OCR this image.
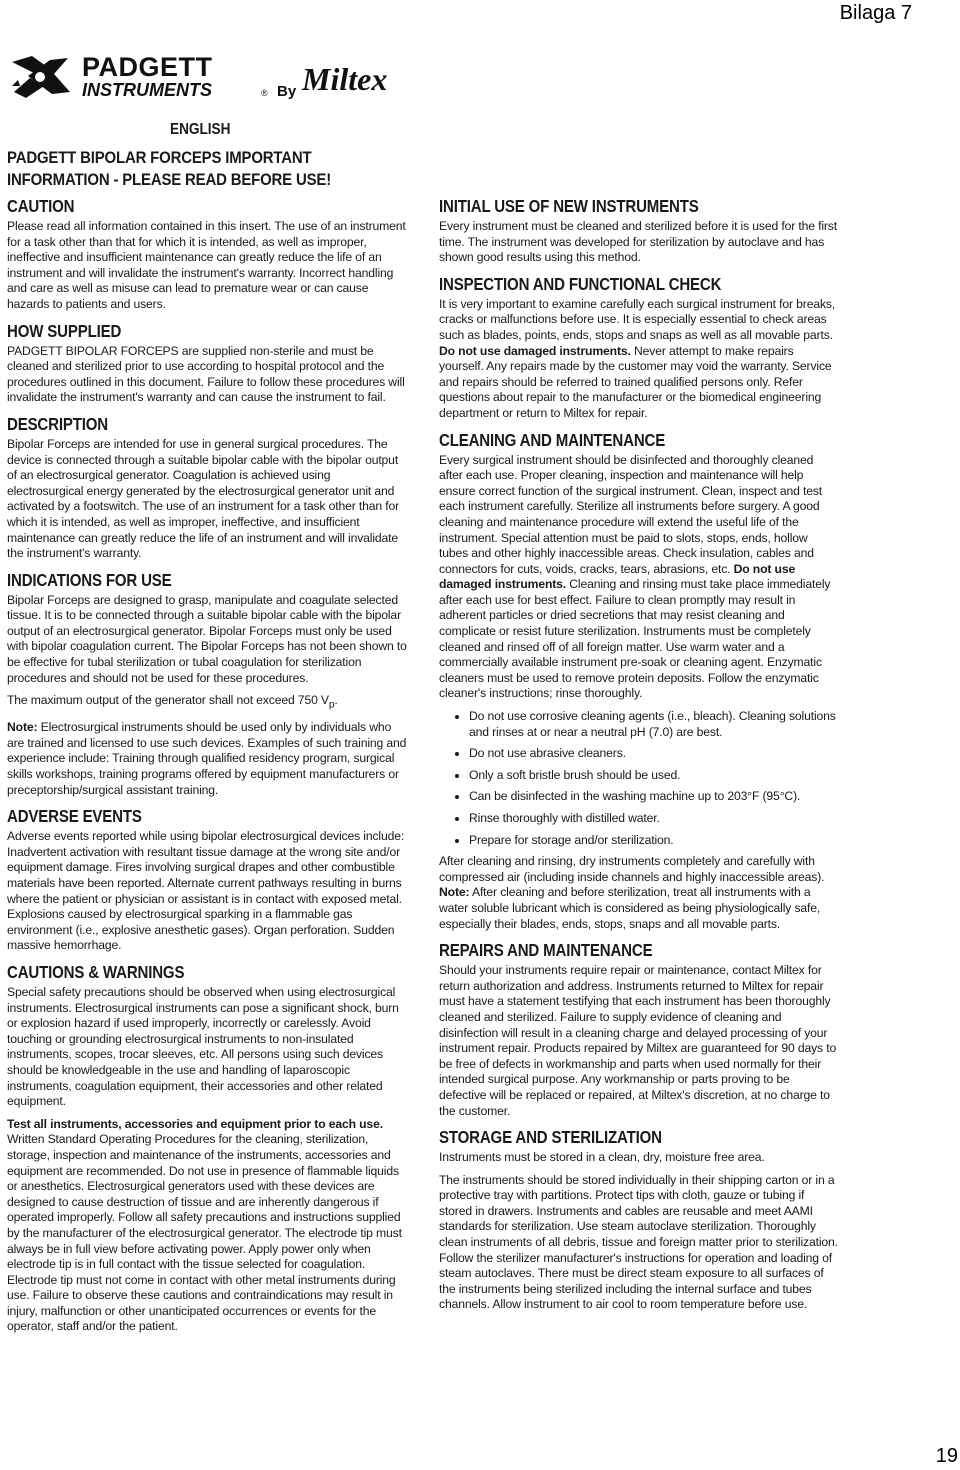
Bilaga 7
PADGETT
INSTRUMENTS	® By Miltex
ENGLISH
PADGETT BIPOLAR FORCEPS IMPORTANT INFORMATION - PLEASE READ BEFORE USE!
CAUTION

Please read all information contained in this insert. The use of an instrument for a task other than that for which it is intended, as well as improper, ineffective and insufficient maintenance can greatly reduce the life of an instrument and will invalidate the instrument's warranty. Incorrect handling and care as well as misuse can lead to premature wear or can cause hazards to patients and users.

HOW SUPPLIED

PADGETT BIPOLAR FORCEPS are supplied non-sterile and must be cleaned and sterilized prior to use according to hospital protocol and the procedures outlined in this document. Failure to follow these procedures will invalidate the instrument's warranty and can cause the instrument to fail.

DESCRIPTION

Bipolar Forceps are intended for use in general surgical procedures. The device is connected through a suitable bipolar cable with the bipolar output of an electrosurgical generator. Coagulation is achieved using electrosurgical energy generated by the electrosurgical generator unit and activated by a footswitch. The use of an instrument for a task other than for which it is intended, as well as improper, ineffective, and insufficient maintenance can greatly reduce the life of an instrument and will invalidate the instrument's warranty.

INDICATIONS FOR USE

Bipolar Forceps are designed to grasp, manipulate and coagulate selected tissue. It is to be connected through a suitable bipolar cable with the bipolar output of an electrosurgical generator. Bipolar Forceps must only be used with bipolar coagulation current. The Bipolar Forceps has not been shown to be effective for tubal sterilization or tubal coagulation for sterilization procedures and should not be used for these procedures.

The maximum output of the generator shall not exceed 750 $V_p$.

Note: Electrosurgical instruments should be used only by individuals who are trained and licensed to use such devices. Examples of such training and experience include: Training through qualified residency program, surgical skills workshops, training programs offered by equipment manufacturers or preceptorship/surgical assistant training.

ADVERSE EVENTS

Adverse events reported while using bipolar electrosurgical devices include: Inadvertent activation with resultant tissue damage at the wrong site and/or equipment damage. Fires involving surgical drapes and other combustible materials have been reported. Alternate current pathways resulting in burns where the patient or physician or assistant is in contact with exposed metal. Explosions caused by electrosurgical sparking in a flammable gas environment (i.e., explosive anesthetic gases). Organ perforation. Sudden massive hemorrhage.

CAUTIONS & WARNINGS

Special safety precautions should be observed when using electrosurgical instruments. Electrosurgical instruments can pose a significant shock, burn or explosion hazard if used improperly, incorrectly or carelessly. Avoid touching or grounding electrosurgical instruments to non-insulated instruments, scopes, trocar sleeves, etc. All persons using such devices should be knowledgeable in the use and handling of laparoscopic instruments, coagulation equipment, their accessories and other related equipment.

Test all instruments, accessories and equipment prior to each use. Written Standard Operating Procedures for the cleaning, sterilization, storage, inspection and maintenance of the instruments, accessories and equipment are recommended. Do not use in presence of flammable liquids or anesthetics. Electrosurgical generators used with these devices are designed to cause destruction of tissue and are inherently dangerous if operated improperly. Follow all safety precautions and instructions supplied by the manufacturer of the electrosurgical generator. The electrode tip must always be in full view before activating power. Apply power only when electrode tip is in full contact with the tissue selected for coagulation. Electrode tip must not come in contact with other metal instruments during use. Failure to observe these cautions and contraindications may result in injury, malfunction or other unanticipated occurrences or events for the operator, staff and/or the patient.

INITIAL USE OF NEW INSTRUMENTS

Every instrument must be cleaned and sterilized before it is used for the first time. The instrument was developed for sterilization by autoclave and has shown good results using this method.

INSPECTION AND FUNCTIONAL CHECK

It is very important to examine carefully each surgical instrument for breaks, cracks or malfunctions before use. It is especially essential to check areas such as blades, points, ends, stops and snaps as well as all movable parts. Do not use damaged instruments. Never attempt to make repairs yourself. Any repairs made by the customer may void the warranty. Service and repairs should be referred to trained qualified persons only. Refer questions about repair to the manufacturer or the biomedical engineering department or return to Miltex for repair.

CLEANING AND MAINTENANCE

Every surgical instrument should be disinfected and thoroughly cleaned after each use. Proper cleaning, inspection and maintenance will help ensure correct function of the surgical instrument. Clean, inspect and test each instrument carefully. Sterilize all instruments before surgery. A good cleaning and maintenance procedure will extend the useful life of the instrument. Special attention must be paid to slots, stops, ends, hollow tubes and other highly inaccessible areas. Check insulation, cables and connectors for cuts, voids, cracks, tears, abrasions, etc. Do not use damaged instruments. Cleaning and rinsing must take place immediately after each use for best effect. Failure to clean promptly may result in adherent particles or dried secretions that may resist cleaning and complicate or resist future sterilization. Instruments must be completely cleaned and rinsed off of all foreign matter. Use warm water and a commercially available instrument pre-soak or cleaning agent. Enzymatic cleaners must be used to remove protein deposits. Follow the enzymatic cleaner's instructions; rinse thoroughly.

• Do not use corrosive cleaning agents (i.e., bleach). Cleaning solutions and rinses at or near a neutral pH (7.0) are best.
• Do not use abrasive cleaners.
• Only a soft bristle brush should be used.
• Can be disinfected in the washing machine up to 203°F (95°C).
• Rinse thoroughly with distilled water.
• Prepare for storage and/or sterilization.

After cleaning and rinsing, dry instruments completely and carefully with compressed air (including inside channels and highly inaccessible areas). Note: After cleaning and before sterilization, treat all instruments with a water soluble lubricant which is considered as being physiologically safe, especially their blades, ends, stops, snaps and all movable parts.

REPAIRS AND MAINTENANCE

Should your instruments require repair or maintenance, contact Miltex for return authorization and address. Instruments returned to Miltex for repair must have a statement testifying that each instrument has been thoroughly cleaned and sterilized. Failure to supply evidence of cleaning and disinfection will result in a cleaning charge and delayed processing of your instrument repair. Products repaired by Miltex are guaranteed for 90 days to be free of defects in workmanship and parts when used normally for their intended surgical purpose. Any workmanship or parts proving to be defective will be replaced or repaired, at Miltex's discretion, at no charge to the customer.

STORAGE AND STERILIZATION

Instruments must be stored in a clean, dry, moisture free area.

The instruments should be stored individually in their shipping carton or in a protective tray with partitions. Protect tips with cloth, gauze or tubing if stored in drawers. Instruments and cables are reusable and meet AAMI standards for sterilization. Use steam autoclave sterilization. Thoroughly clean instruments of all debris, tissue and foreign matter prior to sterilization. Follow the sterilizer manufacturer's instructions for operation and loading of steam autoclaves. There must be direct steam exposure to all surfaces of the instruments being sterilized including the internal surface and tubes channels. Allow instrument to air cool to room temperature before use.

19
